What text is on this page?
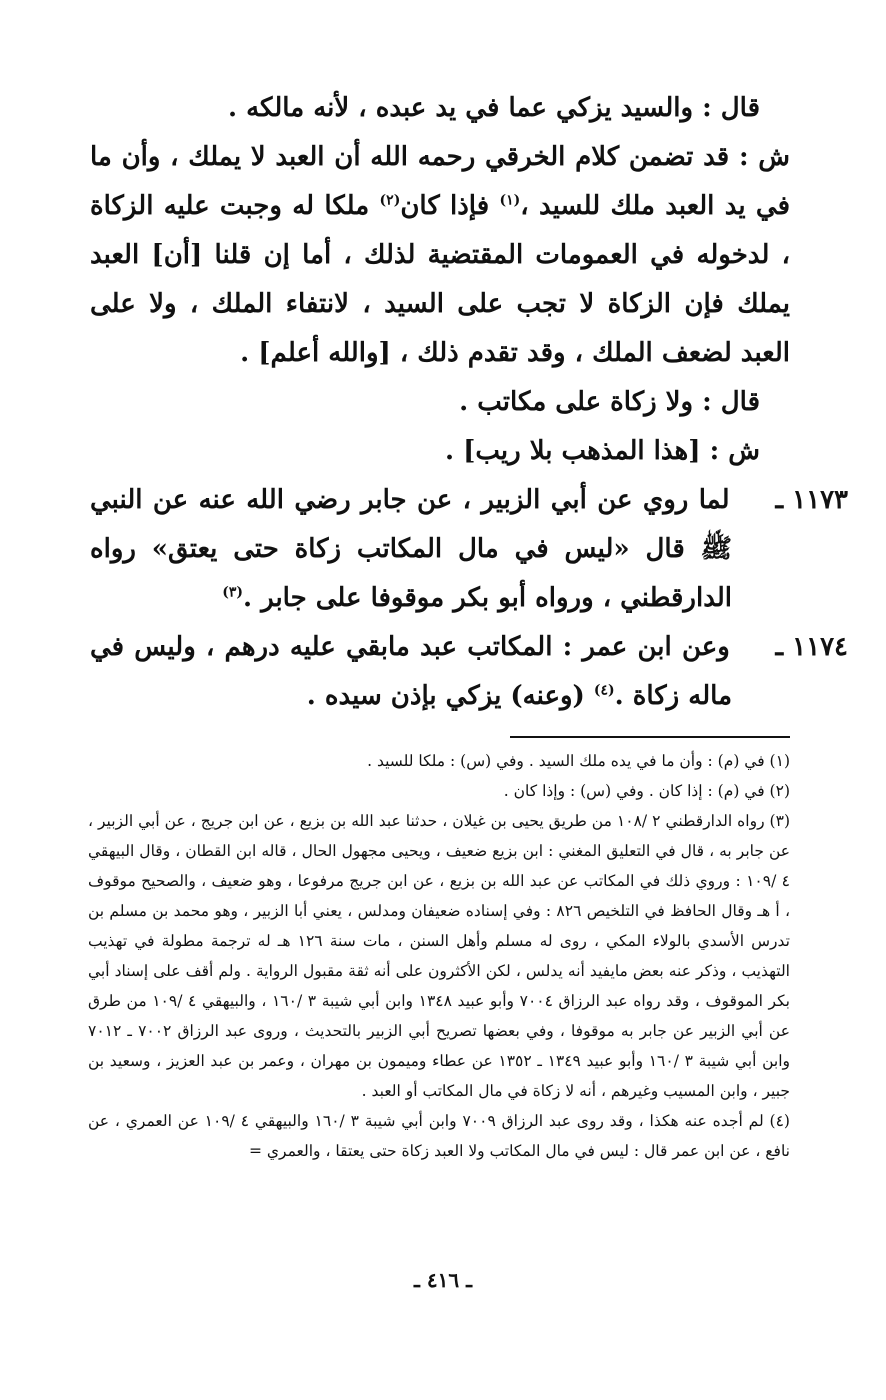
قال : والسيد يزكي عما في يد عبده ، لأنه مالكه .

ش : قد تضمن كلام الخرقي رحمه الله أن العبد لا يملك ، وأن ما في يد العبد ملك للسيد ،$^{(١)}$ فإذا كان$^{(٢)}$ ملكا له وجبت عليه الزكاة ، لدخوله في العمومات المقتضية لذلك ، أما إن قلنا [أن] العبد يملك فإن الزكاة لا تجب على السيد ، لانتفاء الملك ، ولا على العبد لضعف الملك ، وقد تقدم ذلك ، [والله أعلم] .

قال : ولا زكاة على مكاتب .

ش : [هذا المذهب بلا ريب] .

١١٧٣ ـ لما روي عن أبي الزبير ، عن جابر رضي الله عنه عن النبي ﷺ قال «ليس في مال المكاتب زكاة حتى يعتق» رواه الدارقطني ، ورواه أبو بكر موقوفا على جابر .$^{(٣)}$

١١٧٤ ـ وعن ابن عمر : المكاتب عبد مابقي عليه درهم ، وليس في ماله زكاة .$^{(٤)}$ (وعنه) يزكي بإذن سيده .

(١) في (م) : وأن ما في يده ملك السيد . وفي (س) : ملكا للسيد .

(٢) في (م) : إذا كان . وفي (س) : وإذا كان .

(٣) رواه الدارقطني ٢ /١٠٨ من طريق يحيى بن غيلان ، حدثنا عبد الله بن بزيع ، عن ابن جريج ، عن أبي الزبير ، عن جابر به ، قال في التعليق المغني : ابن بزيع ضعيف ، ويحيى مجهول الحال ، قاله ابن القطان ، وقال البيهقي ٤ /١٠٩ : وروي ذلك في المكاتب عن عبد الله بن بزيع ، عن ابن جريج مرفوعا ، وهو ضعيف ، والصحيح موقوف ، أ هـ وقال الحافظ في التلخيص ٨٢٦ : وفي إسناده ضعيفان ومدلس ، يعني أبا الزبير ، وهو محمد بن مسلم بن تدرس الأسدي بالولاء المكي ، روى له مسلم وأهل السنن ، مات سنة ١٢٦ هـ له ترجمة مطولة في تهذيب التهذيب ، وذكر عنه بعض مايفيد أنه يدلس ، لكن الأكثرون على أنه ثقة مقبول الرواية . ولم أقف على إسناد أبي بكر الموقوف ، وقد رواه عبد الرزاق ٧٠٠٤ وأبو عبيد ١٣٤٨ وابن أبي شيبة ٣ /١٦٠ ، والبيهقي ٤ /١٠٩ من طرق عن أبي الزبير عن جابر به موقوفا ، وفي بعضها تصريح أبي الزبير بالتحديث ، وروى عبد الرزاق ٧٠٠٢ ـ ٧٠١٢ وابن أبي شيبة ٣ /١٦٠ وأبو عبيد ١٣٤٩ ـ ١٣٥٢ عن عطاء وميمون بن مهران ، وعمر بن عبد العزيز ، وسعيد بن جبير ، وابن المسيب وغيرهم ، أنه لا زكاة في مال المكاتب أو العبد .

(٤) لم أجده عنه هكذا ، وقد روى عبد الرزاق ٧٠٠٩ وابن أبي شيبة ٣ /١٦٠ والبيهقي ٤ /١٠٩ عن العمري ، عن نافع ، عن ابن عمر قال : ليس في مال المكاتب ولا العبد زكاة حتى يعتقا ، والعمري =

ـ ٤١٦ ـ
